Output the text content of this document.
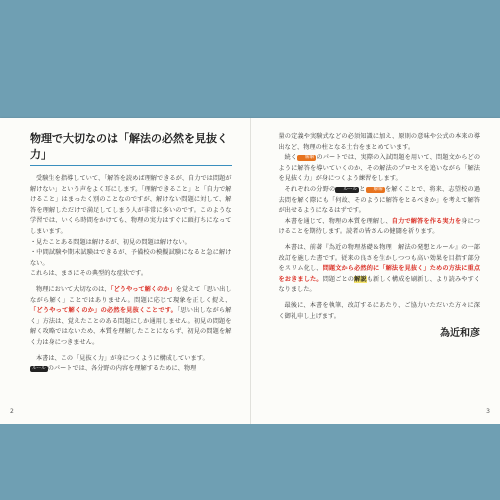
物理で大切なのは「解法の必然を見抜く力」

受験生を指導していて、「解答を読めば理解できるが、自力では問題が解けない」という声をよく耳にします。「理解できること」と「自力で解けること」はまったく別のことなのですが、解けない問題に対して、解答を理解しただけで満足してしまう人が非常に多いのです。このような学習では、いくら時間をかけても、物理の実力はすぐに頭打ちになってしまいます。

・見たことある問題は解けるが、初見の問題は解けない。
・中間試験や期末試験はできるが、予備校の模擬試験になると急に解けない。

これらは、まさにその典型的な症状です。

物理において大切なのは、「どうやって解くのか」を覚えて「思い出しながら解く」ことではありません。問題に応じて現象を正しく捉え、「どうやって解くのか」の必然を見抜くことです。「思い出しながら解く」方法は、覚えたことのある問題にしか通用しません。初見の問題を解く攻略ではないため、本質を理解したことにならず、初見の問題を解く力は身につきません。

本書は、この「見抜く力」が身につくように構成しています。

ルール のパートでは、各分野の内容を理解するために、物理

2

量の定義や実験式などの必須知識に加え、原則の意味や公式の本来の導出など、物理の柱となる土台をまとめています。

続く 解解 のパートでは、実際の入試問題を用いて、問題文からどのように解答を導いていくのか、その解法のプロセスを追いながら「解法を見抜く力」が身につくよう練習をします。

それぞれの分野の ルール と 解解 を解くことで、将来、志望校の過去問を解く際にも「何故、そのように解答をとるべきか」を考えて解答が出せるようになるはずです。

本書を通じて、物理の本質を理解し、自力で解答を作る実力を身につけることを期待します。読者の皆さんの健闘を祈ります。

本書は、前著『為近の物理基礎＆物理　解法の発想とルール』の一部改訂を施した書です。従来の良さを生かしつつも高い効果を目指す部分をスリム化し、問題文から必然的に「解法を見抜く」ための方法に重点をおきました。問題ごとの解説も新しく構成を刷新し、より読みやすくなりました。

最後に、本書を執筆、改訂するにあたり、ご協力いただいた方々に深く御礼申し上げます。

為近和彦
3
